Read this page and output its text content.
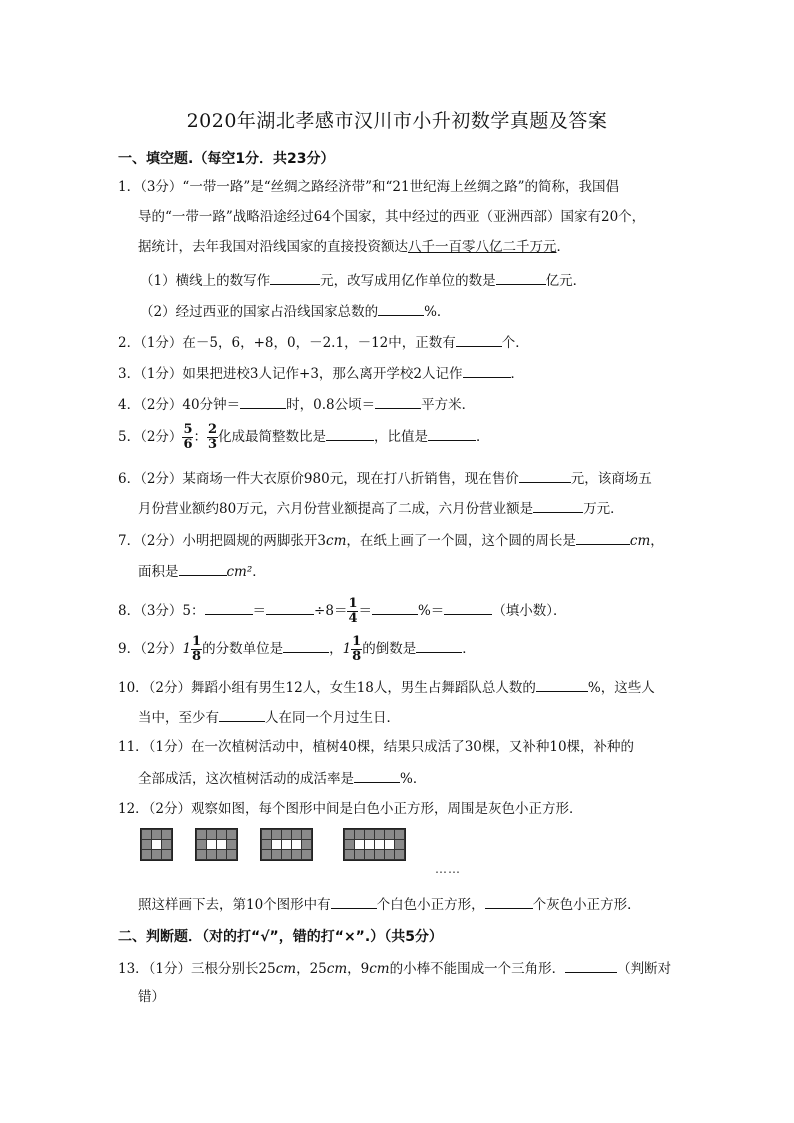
2020年湖北孝感市汉川市小升初数学真题及答案
一、填空题.（每空1分．共23分）
1．（3分）“一带一路”是“丝绸之路经济带”和“21世纪海上丝绸之路”的简称，我国倡
导的“一带一路”战略沿途经过64个国家，其中经过的西亚（亚洲西部）国家有20个，
据统计，去年我国对沿线国家的直接投资额达八千一百零八亿二千万元．
（1）横线上的数写作	元，改写成用亿作单位的数是	亿元．
（2）经过西亚的国家占沿线国家总数的	%．
2．（1分）在－5，6，+8，0，－2.1，－12中，正数有	个．
3．（1分）如果把进校3人记作+3，那么离开学校2人记作	．
4．（2分）40分钟＝	时，0.8公顷＝	平方米．
5．（2分） $\frac{5}{6}$ ： $\frac{2}{3}$ 化成最简整数比是	，比值是	．
6．（2分）某商场一件大衣原价980元，现在打八折销售，现在售价	元，该商场五
月份营业额约80万元，六月份营业额提高了二成，六月份营业额是	万元．
7．（2分）小明把圆规的两脚张开3cm，在纸上画了一个圆，这个圆的周长是	cm，
面积是	cm²．
8．（3分）5：	＝	$\div 8= \frac{1}{4}$ ＝	%＝	（填小数）．
9．（2分）$1 \frac{1}{8}$ 的分数单位是	，$1 \frac{1}{8}$ 的倒数是	．
10．（2分）舞蹈小组有男生12人，女生18人，男生占舞蹈队总人数的	%，这些人
当中，至少有	人在同一个月过生日．
11．（1分）在一次植树活动中，植树40棵，结果只成活了30棵，又补种10棵，补种的
全部成活，这次植树活动的成活率是	%．
12．（2分）观察如图，每个图形中间是白色小正方形，周围是灰色小正方形．
……
照这样画下去，第10个图形中有	个白色小正方形，	个灰色小正方形．
二、判断题．（对的打“√”，错的打“×”.）（共5分）
13．（1分）三根分别长25cm，25cm，9cm的小棒不能围成一个三角形．	（判断对
错）
